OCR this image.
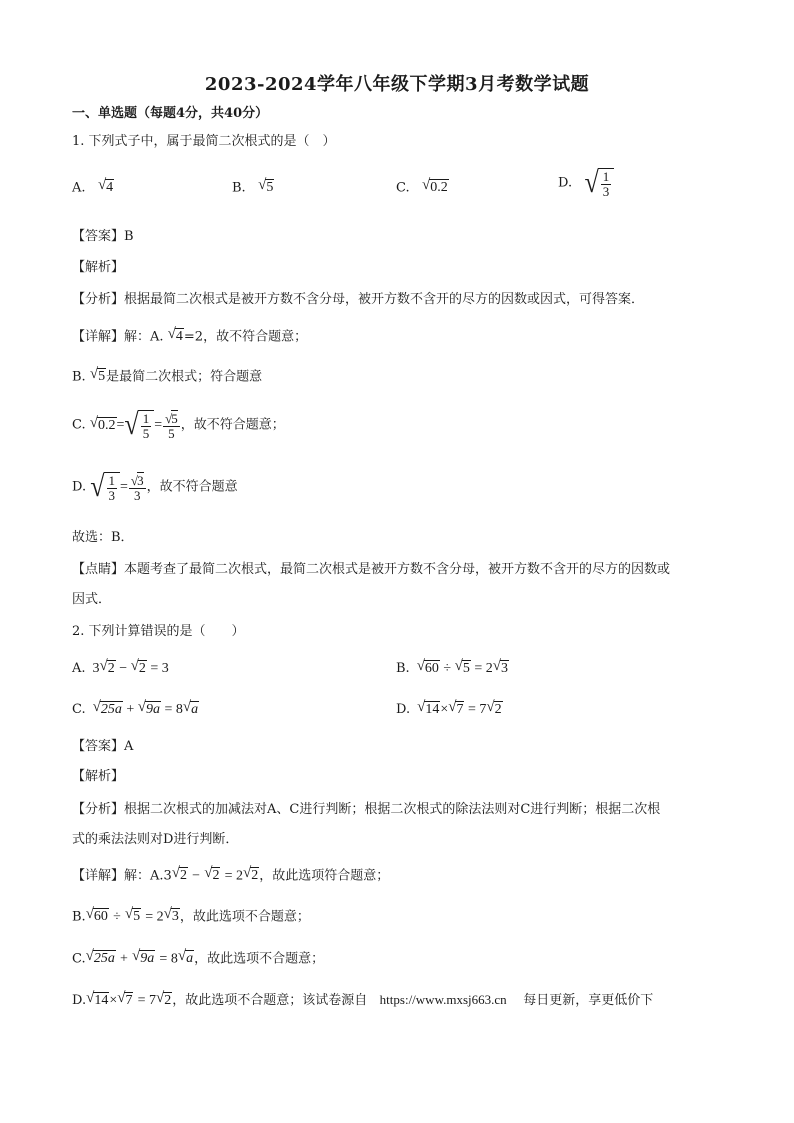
2023-2024学年八年级下学期3月考数学试题
一、单选题（每题4分，共40分）
1. 下列式子中，属于最简二次根式的是（　）
A. √4	B. √5	C. √0.2	D. √ $\frac{1}{3}$
【答案】B
【解析】
【分析】根据最简二次根式是被开方数不含分母，被开方数不含开的尽方的因数或因式，可得答案．
【详解】解：A. √4=2，故不符合题意；
B. √5是最简二次根式；符合题意
C. √0.2= √ $\frac{1}{5} = \frac{√5}{5}$ ，故不符合题意；
D. √ $\frac{1}{3} = \frac{√3}{3}$ ，故不符合题意
故选：B．
【点睛】本题考查了最简二次根式，最简二次根式是被开方数不含分母，被开方数不含开的尽方的因数或
因式．
2. 下列计算错误的是（　　）
A. 3√2 − √2 = 3	B. √60 ÷ √5 = 2√3
C. √25a + √9a = 8√a	D. √14×√7 = 7√2
【答案】A
【解析】
【分析】根据二次根式的加减法对A、C进行判断；根据二次根式的除法法则对C进行判断；根据二次根
式的乘法法则对D进行判断．
【详解】解：A.3√2 − √2 = 2√2，故此选项符合题意；
B.√60 ÷ √5 = 2√3，故此选项不合题意；
C.√25a + √9a = 8√a，故此选项不合题意；
D.√14×√7 = 7√2，故此选项不合题意；该试卷源自 https://www.mxsj663.cn 每日更新，享更低价下
